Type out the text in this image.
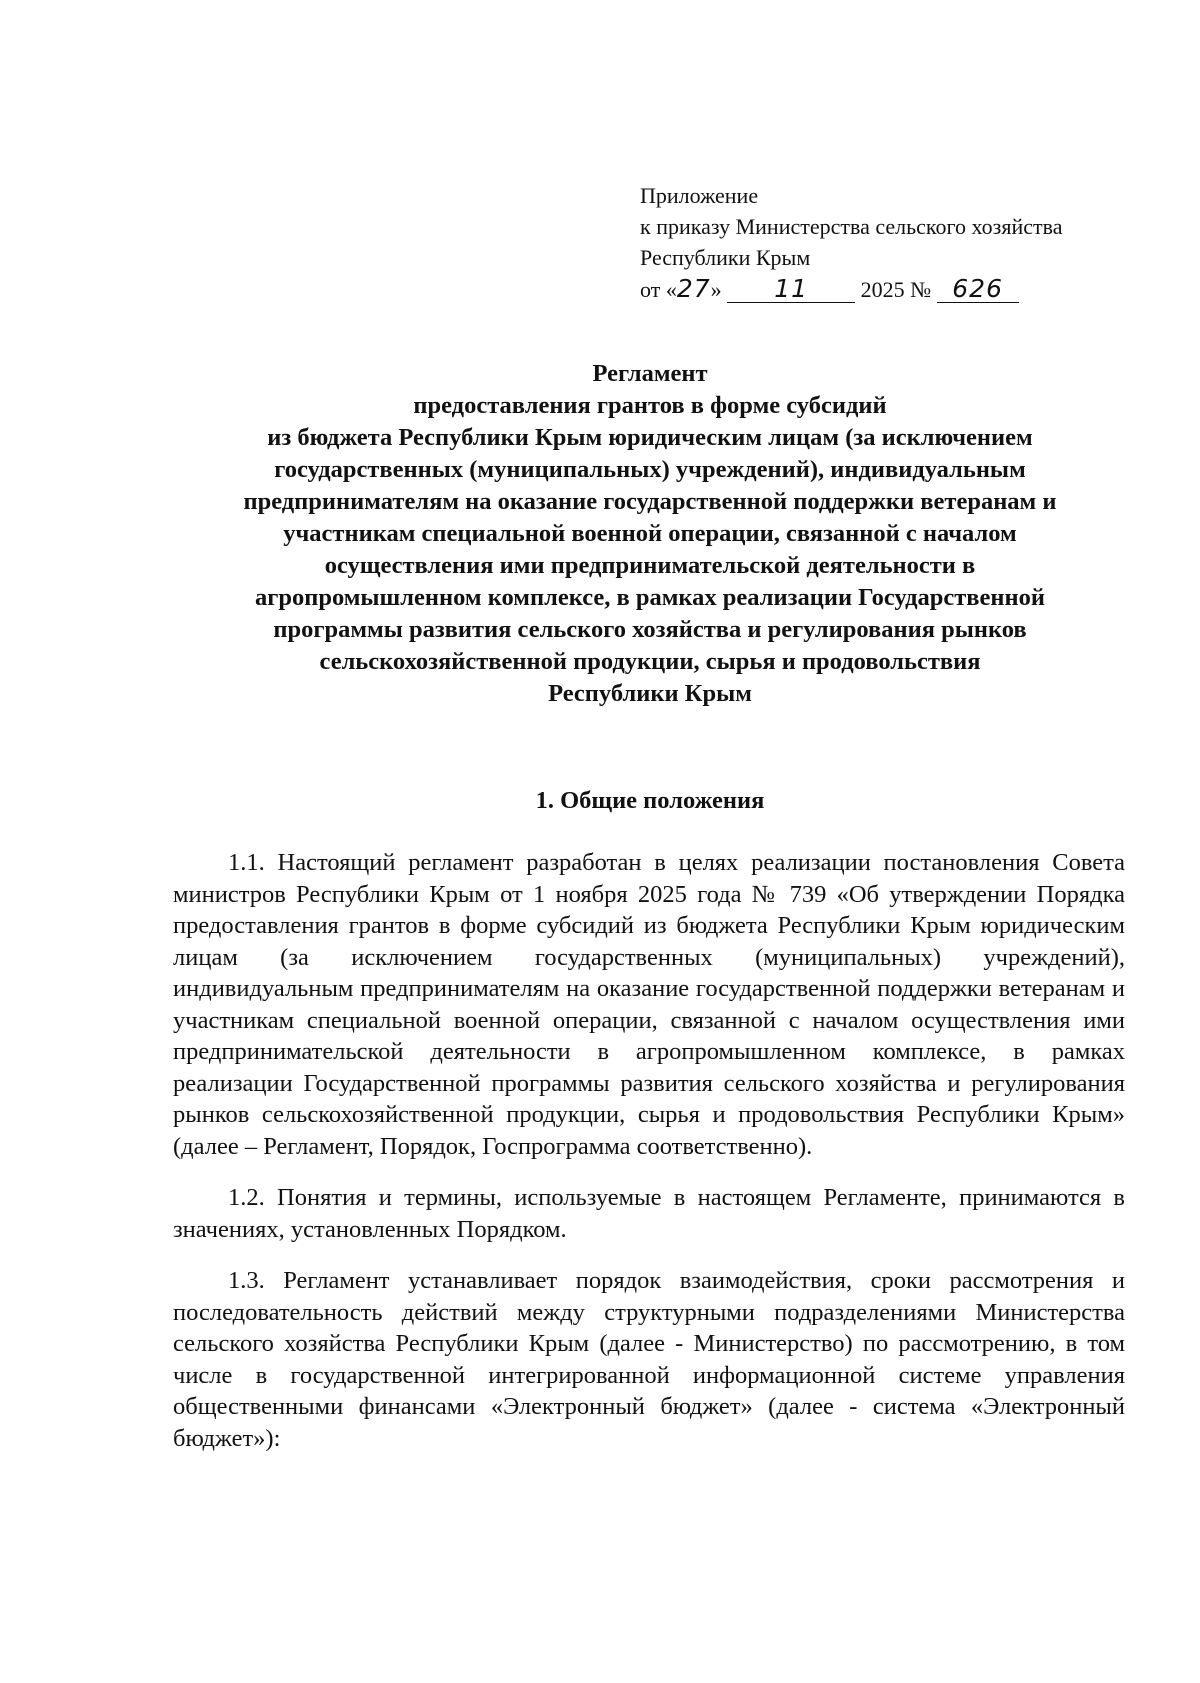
Приложение
к приказу Министерства сельского хозяйства
Республики Крым
от «27» 11 2025 № 626
Регламент
предоставления грантов в форме субсидий
из бюджета Республики Крым юридическим лицам (за исключением
государственных (муниципальных) учреждений), индивидуальным
предпринимателям на оказание государственной поддержки ветеранам и
участникам специальной военной операции, связанной с началом
осуществления ими предпринимательской деятельности в
агропромышленном комплексе, в рамках реализации Государственной
программы развития сельского хозяйства и регулирования рынков
сельскохозяйственной продукции, сырья и продовольствия
Республики Крым
1. Общие положения

1.1. Настоящий регламент разработан в целях реализации постановления Совета министров Республики Крым от 1 ноября 2025 года № 739 «Об утверждении Порядка предоставления грантов в форме субсидий из бюджета Республики Крым юридическим лицам (за исключением государственных (муниципальных) учреждений), индивидуальным предпринимателям на оказание государственной поддержки ветеранам и участникам специальной военной операции, связанной с началом осуществления ими предпринимательской деятельности в агропромышленном комплексе, в рамках реализации Государственной программы развития сельского хозяйства и регулирования рынков сельскохозяйственной продукции, сырья и продовольствия Республики Крым» (далее – Регламент, Порядок, Госпрограмма соответственно).

1.2. Понятия и термины, используемые в настоящем Регламенте, принимаются в значениях, установленных Порядком.

1.3. Регламент устанавливает порядок взаимодействия, сроки рассмотрения и последовательность действий между структурными подразделениями Министерства сельского хозяйства Республики Крым (далее - Министерство) по рассмотрению, в том числе в государственной интегрированной информационной системе управления общественными финансами «Электронный бюджет» (далее - система «Электронный бюджет»):
